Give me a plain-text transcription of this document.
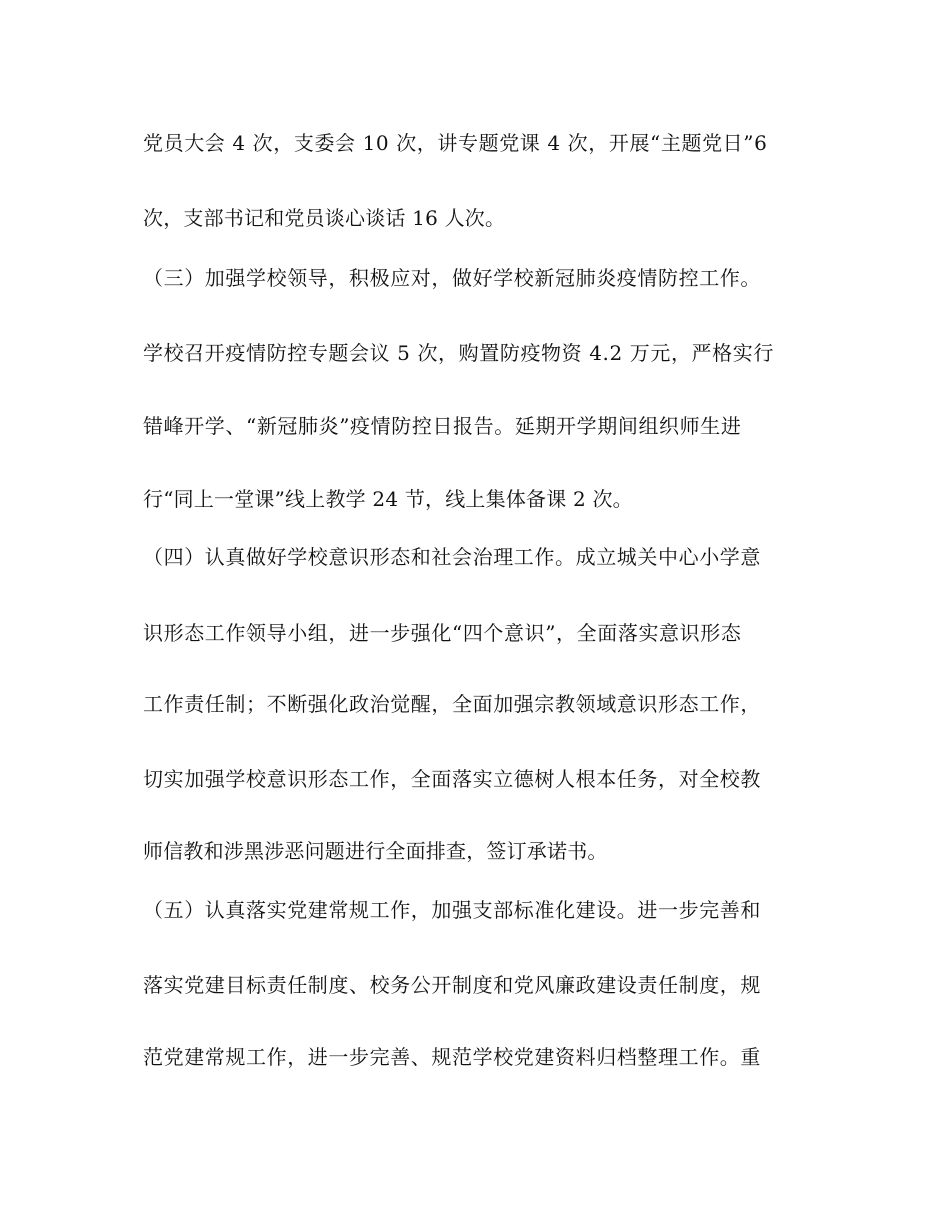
党员大会 4 次，支委会 10 次，讲专题党课 4 次，开展“主题党日”6
次，支部书记和党员谈心谈话 16 人次。
（三）加强学校领导，积极应对，做好学校新冠肺炎疫情防控工作。
学校召开疫情防控专题会议 5 次，购置防疫物资 4.2 万元，严格实行
错峰开学、“新冠肺炎”疫情防控日报告。延期开学期间组织师生进
行“同上一堂课”线上教学 24 节，线上集体备课 2 次。
（四）认真做好学校意识形态和社会治理工作。成立城关中心小学意
识形态工作领导小组，进一步强化“四个意识”，全面落实意识形态
工作责任制；不断强化政治觉醒，全面加强宗教领域意识形态工作，
切实加强学校意识形态工作，全面落实立德树人根本任务，对全校教
师信教和涉黑涉恶问题进行全面排查，签订承诺书。
（五）认真落实党建常规工作，加强支部标准化建设。进一步完善和
落实党建目标责任制度、校务公开制度和党风廉政建设责任制度，规
范党建常规工作，进一步完善、规范学校党建资料归档整理工作。重
